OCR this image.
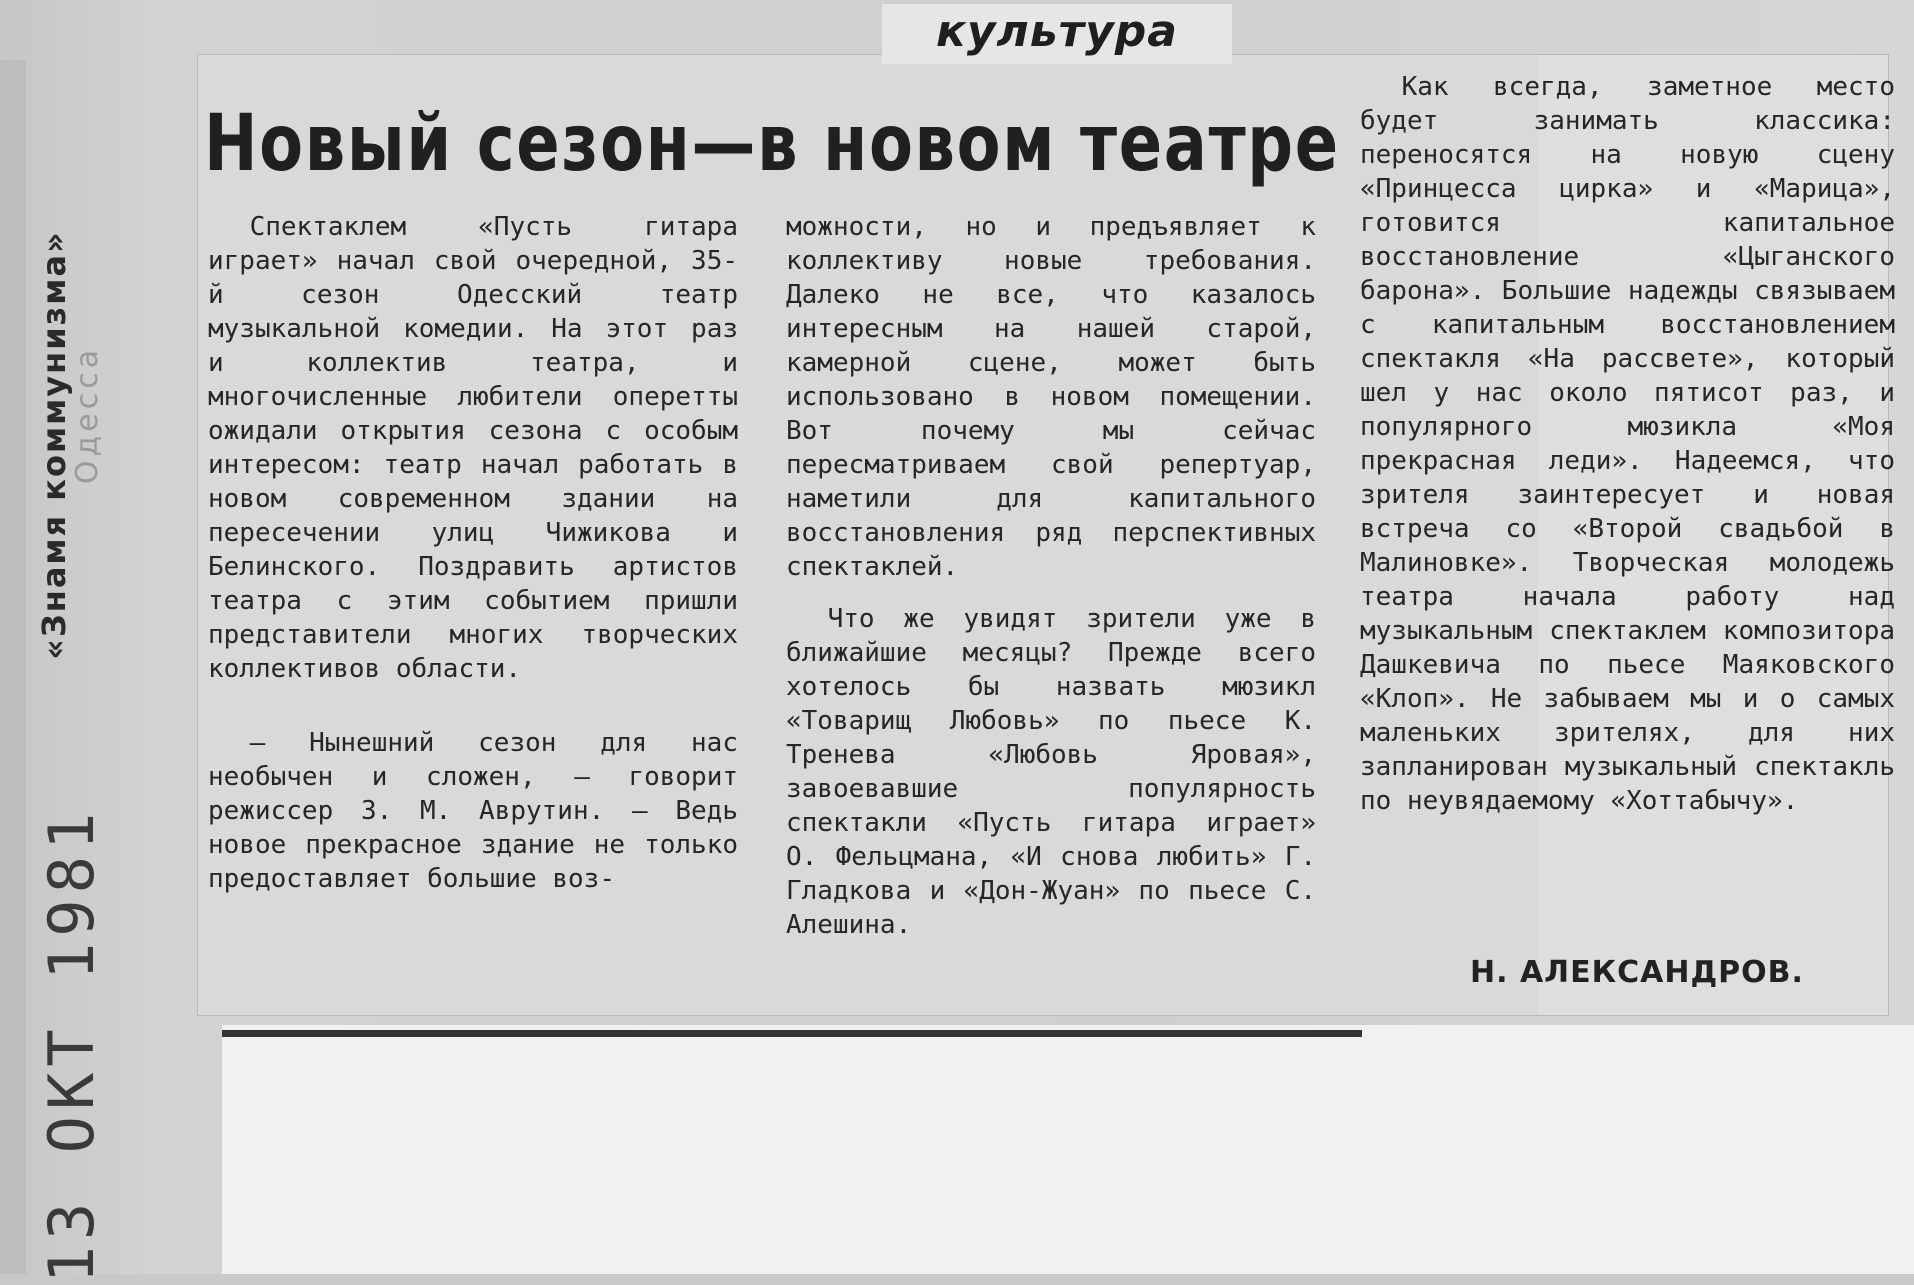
«Знамя коммунизма»
Одесса
13 ОКТ 1981
культура
Новый сезон—в новом театре

Спектаклем «Пусть гитара играет» начал свой очередной, 35-й сезон Одесский театр музыкальной комедии. На этот раз и коллектив театра, и многочисленные любители оперетты ожидали открытия сезона с особым интересом: театр начал работать в новом современном здании на пересечении улиц Чижикова и Белинского. Поздравить артистов театра с этим событием пришли представители многих творческих коллективов области.

— Нынешний сезон для нас необычен и сложен, — говорит режиссер З. М. Аврутин. — Ведь новое прекрасное здание не только предоставляет большие воз-

можности, но и предъявляет к коллективу новые требования. Далеко не все, что казалось интересным на нашей старой, камерной сцене, может быть использовано в новом помещении. Вот почему мы сейчас пересматриваем свой репертуар, наметили для капитального восстановления ряд перспективных спектаклей.

Что же увидят зрители уже в ближайшие месяцы? Прежде всего хотелось бы назвать мюзикл «Товарищ Любовь» по пьесе К. Тренева «Любовь Яровая», завоевавшие популярность спектакли «Пусть гитара играет» О. Фельцмана, «И снова любить» Г. Гладкова и «Дон-Жуан» по пьесе С. Алешина.

Как всегда, заметное место будет занимать классика: переносятся на новую сцену «Принцесса цирка» и «Марица», готовится капитальное восстановление «Цыганского барона». Большие надежды связываем с капитальным восстановлением спектакля «На рассвете», который шел у нас около пятисот раз, и популярного мюзикла «Моя прекрасная леди». Надеемся, что зрителя заинтересует и новая встреча со «Второй свадьбой в Малиновке». Творческая молодежь театра начала работу над музыкальным спектаклем композитора Дашкевича по пьесе Маяковского «Клоп». Не забываем мы и о самых маленьких зрителях, для них запланирован музыкальный спектакль по неувядаемому «Хоттабычу».

Н. АЛЕКСАНДРОВ.
